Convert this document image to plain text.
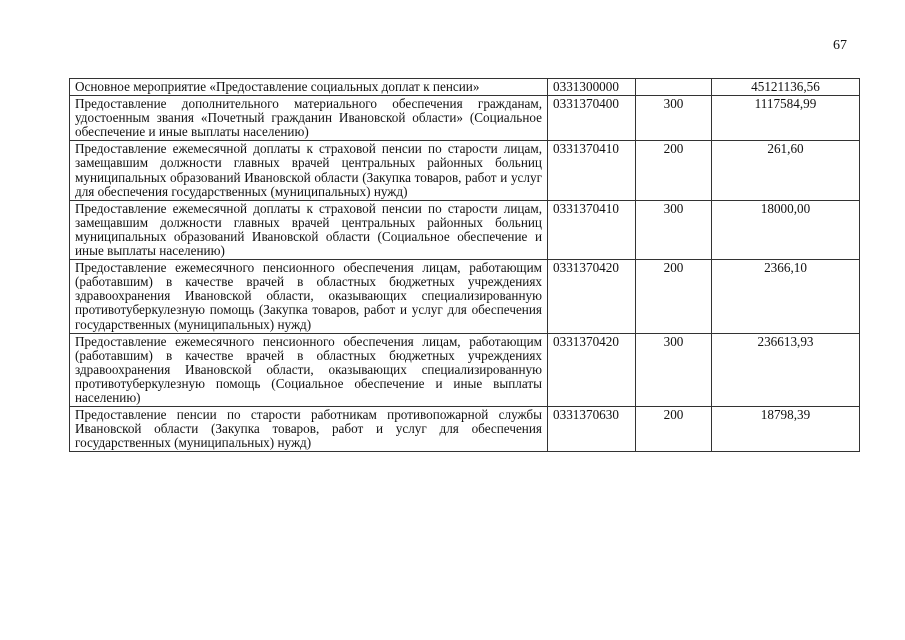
67
Основное мероприятие «Предоставление социальных доплат к пенсии»	0331300000		45121136,56
Предоставление дополнительного материального обеспечения гражданам, удостоенным звания «Почетный гражданин Ивановской области» (Социальное обеспечение и иные выплаты населению)	0331370400	300	1117584,99
Предоставление ежемесячной доплаты к страховой пенсии по старости лицам, замещавшим должности главных врачей центральных районных больниц муниципальных образований Ивановской области (Закупка товаров, работ и услуг для обеспечения государственных (муниципальных) нужд)	0331370410	200	261,60
Предоставление ежемесячной доплаты к страховой пенсии по старости лицам, замещавшим должности главных врачей центральных районных больниц муниципальных образований Ивановской области (Социальное обеспечение и иные выплаты населению)	0331370410	300	18000,00
Предоставление ежемесячного пенсионного обеспечения лицам, работающим (работавшим) в качестве врачей в областных бюджетных учреждениях здравоохранения Ивановской области, оказывающих специализированную противотуберкулезную помощь (Закупка товаров, работ и услуг для обеспечения государственных (муниципальных) нужд)	0331370420	200	2366,10
Предоставление ежемесячного пенсионного обеспечения лицам, работающим (работавшим) в качестве врачей в областных бюджетных учреждениях здравоохранения Ивановской области, оказывающих специализированную противотуберкулезную помощь (Социальное обеспечение и иные выплаты населению)	0331370420	300	236613,93
Предоставление пенсии по старости работникам противопожарной службы Ивановской области (Закупка товаров, работ и услуг для обеспечения государственных (муниципальных) нужд)	0331370630	200	18798,39
